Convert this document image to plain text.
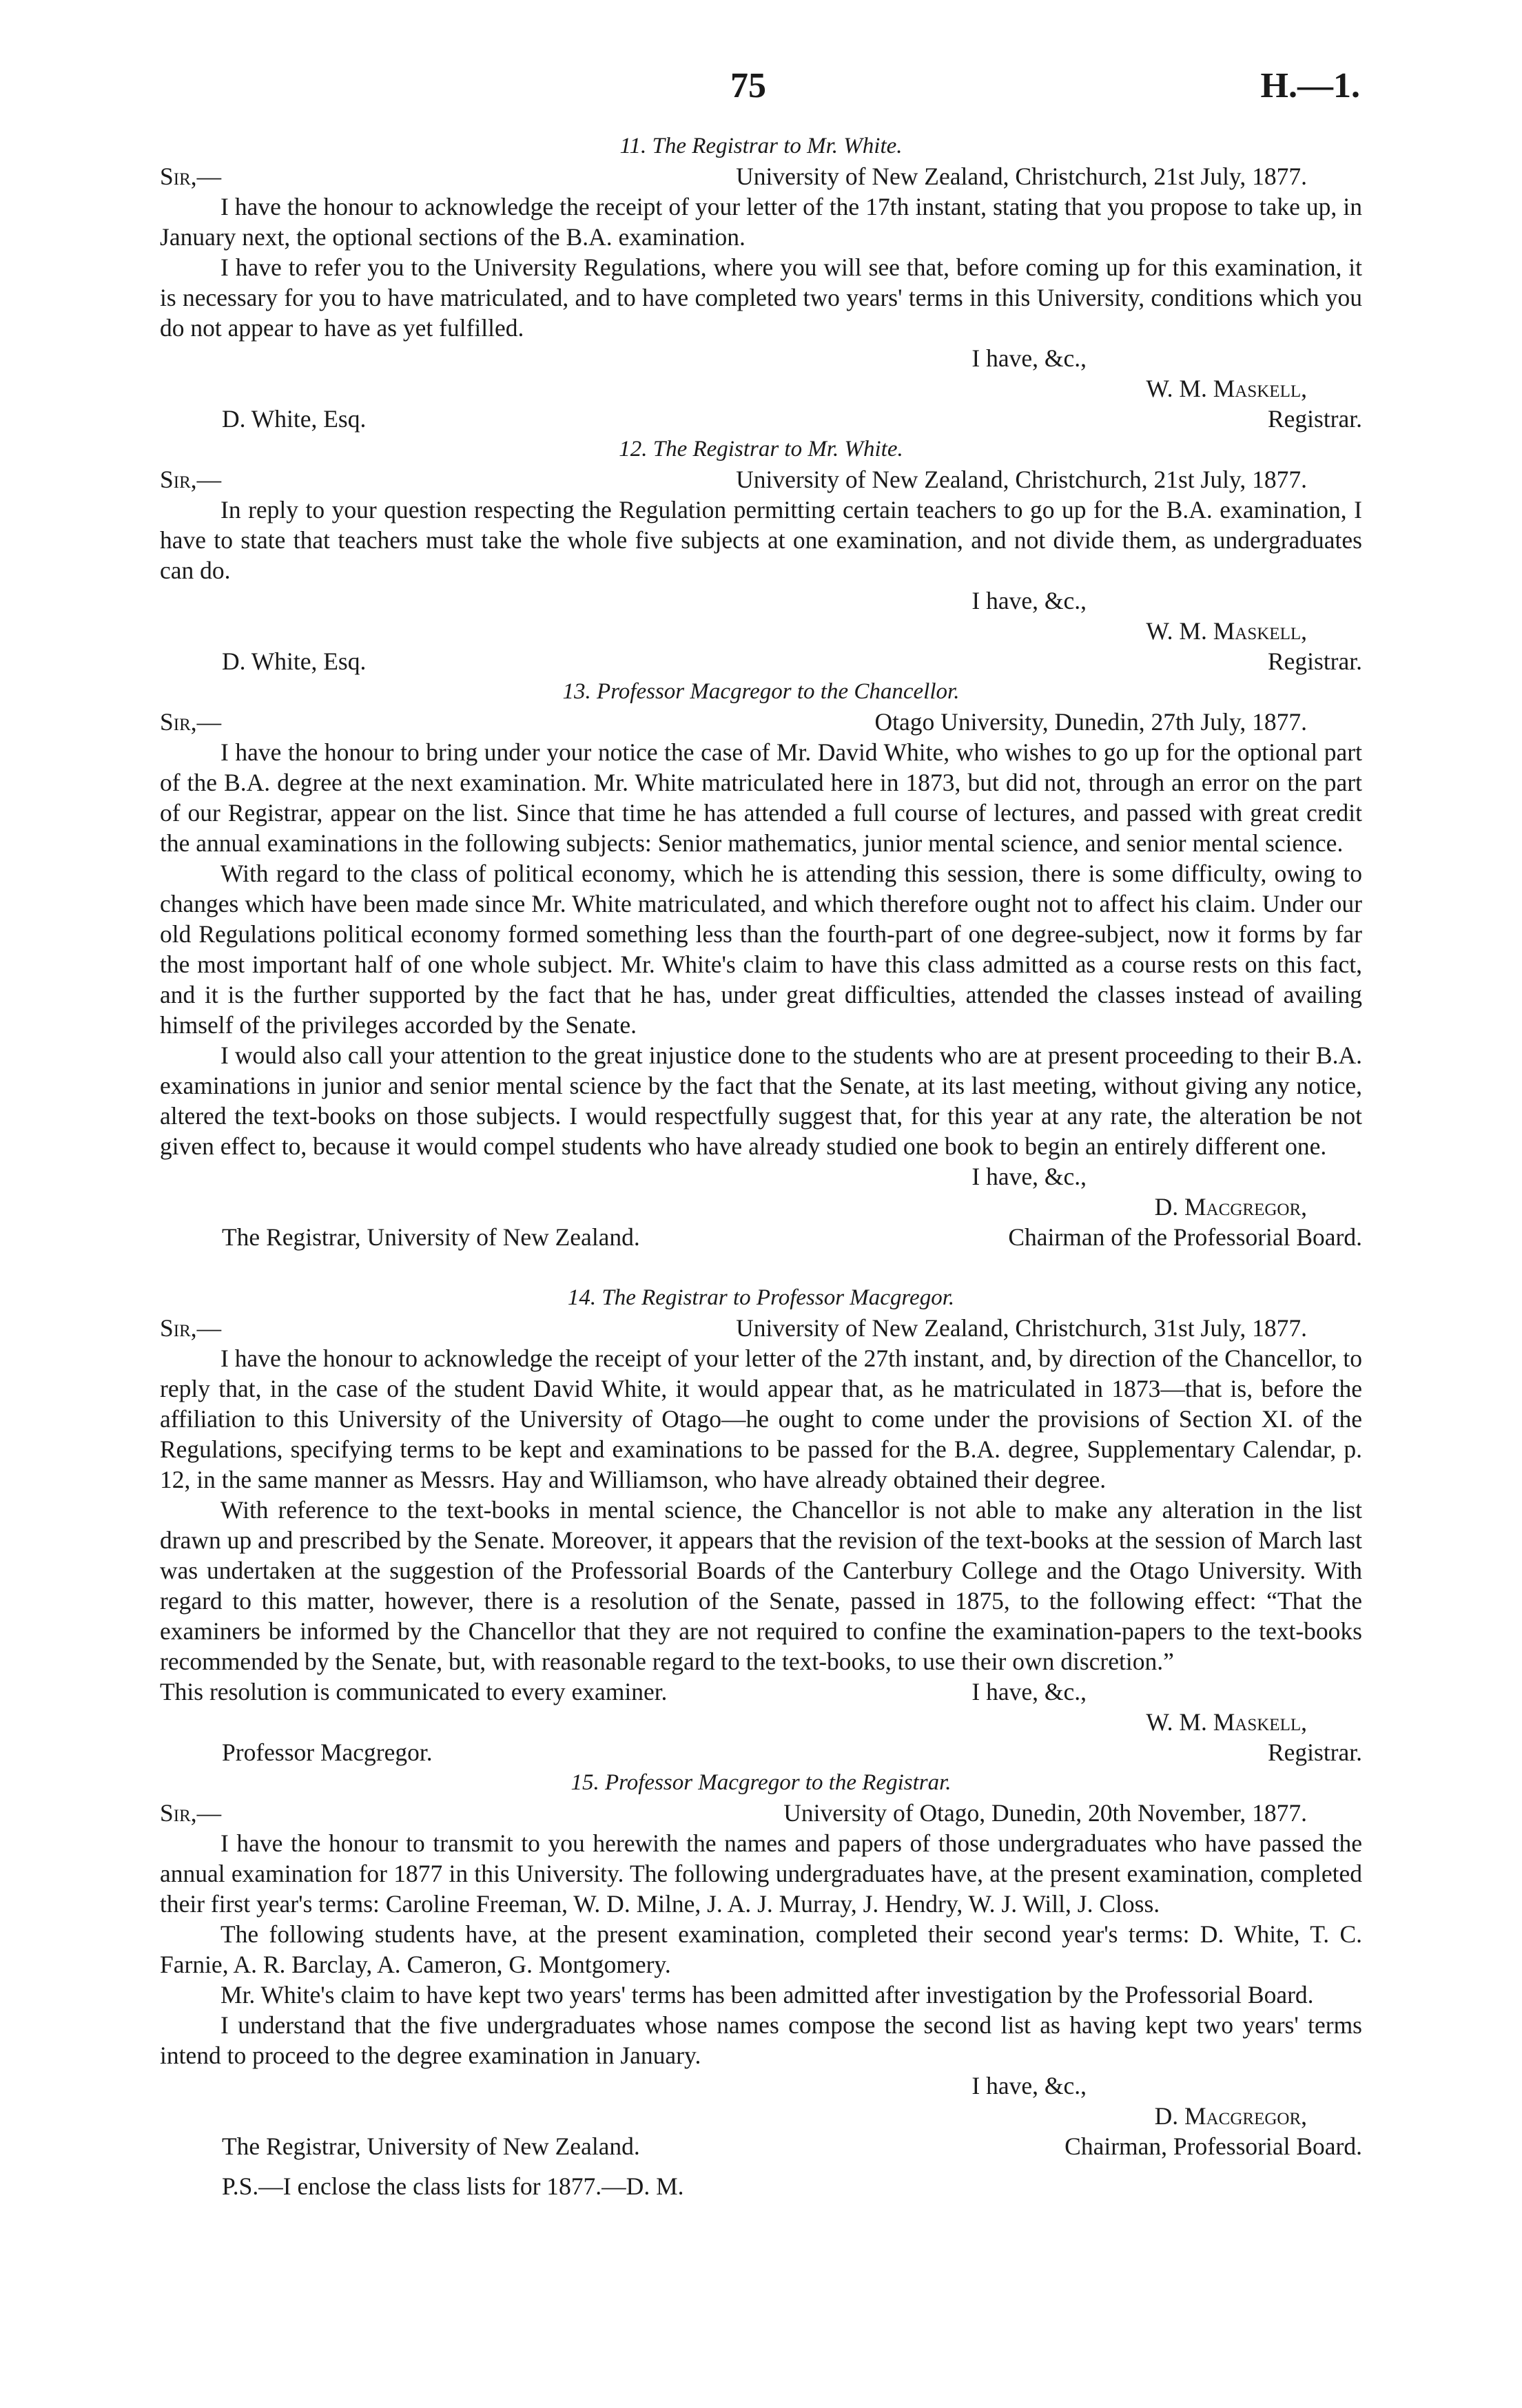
75	H.—1.
11. The Registrar to Mr. White.
Sir,—	University of New Zealand, Christchurch, 21st July, 1877.

I have the honour to acknowledge the receipt of your letter of the 17th instant, stating that you propose to take up, in January next, the optional sections of the B.A. examination.

I have to refer you to the University Regulations, where you will see that, before coming up for this examination, it is necessary for you to have matriculated, and to have completed two years' terms in this University, conditions which you do not appear to have as yet fulfilled.

I have, &c.,
W. M. Maskell,
D. White, Esq.	Registrar.
12. The Registrar to Mr. White.
Sir,—	University of New Zealand, Christchurch, 21st July, 1877.

In reply to your question respecting the Regulation permitting certain teachers to go up for the B.A. examination, I have to state that teachers must take the whole five subjects at one examination, and not divide them, as undergraduates can do.

I have, &c.,
W. M. Maskell,
D. White, Esq.	Registrar.
13. Professor Macgregor to the Chancellor.
Sir,—	Otago University, Dunedin, 27th July, 1877.

I have the honour to bring under your notice the case of Mr. David White, who wishes to go up for the optional part of the B.A. degree at the next examination. Mr. White matriculated here in 1873, but did not, through an error on the part of our Registrar, appear on the list. Since that time he has attended a full course of lectures, and passed with great credit the annual examinations in the following subjects: Senior mathematics, junior mental science, and senior mental science.

With regard to the class of political economy, which he is attending this session, there is some difficulty, owing to changes which have been made since Mr. White matriculated, and which therefore ought not to affect his claim. Under our old Regulations political economy formed something less than the fourth-part of one degree-subject, now it forms by far the most important half of one whole subject. Mr. White's claim to have this class admitted as a course rests on this fact, and it is the further supported by the fact that he has, under great difficulties, attended the classes instead of availing himself of the privileges accorded by the Senate.

I would also call your attention to the great injustice done to the students who are at present proceeding to their B.A. examinations in junior and senior mental science by the fact that the Senate, at its last meeting, without giving any notice, altered the text-books on those subjects. I would respectfully suggest that, for this year at any rate, the alteration be not given effect to, because it would compel students who have already studied one book to begin an entirely different one.

I have, &c.,
D. Macgregor,
The Registrar, University of New Zealand.	Chairman of the Professorial Board.
14. The Registrar to Professor Macgregor.
Sir,—	University of New Zealand, Christchurch, 31st July, 1877.

I have the honour to acknowledge the receipt of your letter of the 27th instant, and, by direction of the Chancellor, to reply that, in the case of the student David White, it would appear that, as he matriculated in 1873—that is, before the affiliation to this University of the University of Otago—he ought to come under the provisions of Section XI. of the Regulations, specifying terms to be kept and examinations to be passed for the B.A. degree, Supplementary Calendar, p. 12, in the same manner as Messrs. Hay and Williamson, who have already obtained their degree.

With reference to the text-books in mental science, the Chancellor is not able to make any alteration in the list drawn up and prescribed by the Senate. Moreover, it appears that the revision of the text-books at the session of March last was undertaken at the suggestion of the Professorial Boards of the Canterbury College and the Otago University. With regard to this matter, however, there is a resolution of the Senate, passed in 1875, to the following effect: “That the examiners be informed by the Chancellor that they are not required to confine the examination-papers to the text-books recommended by the Senate, but, with reasonable regard to the text-books, to use their own discretion.”

This resolution is communicated to every examiner.	I have, &c.,
W. M. Maskell,
Professor Macgregor.	Registrar.
15. Professor Macgregor to the Registrar.
Sir,—	University of Otago, Dunedin, 20th November, 1877.

I have the honour to transmit to you herewith the names and papers of those undergraduates who have passed the annual examination for 1877 in this University. The following undergraduates have, at the present examination, completed their first year's terms: Caroline Freeman, W. D. Milne, J. A. J. Murray, J. Hendry, W. J. Will, J. Closs.

The following students have, at the present examination, completed their second year's terms: D. White, T. C. Farnie, A. R. Barclay, A. Cameron, G. Montgomery.

Mr. White's claim to have kept two years' terms has been admitted after investigation by the Professorial Board.

I understand that the five undergraduates whose names compose the second list as having kept two years' terms intend to proceed to the degree examination in January.

I have, &c.,
D. Macgregor,
The Registrar, University of New Zealand.	Chairman, Professorial Board.
P.S.—I enclose the class lists for 1877.—D. M.
